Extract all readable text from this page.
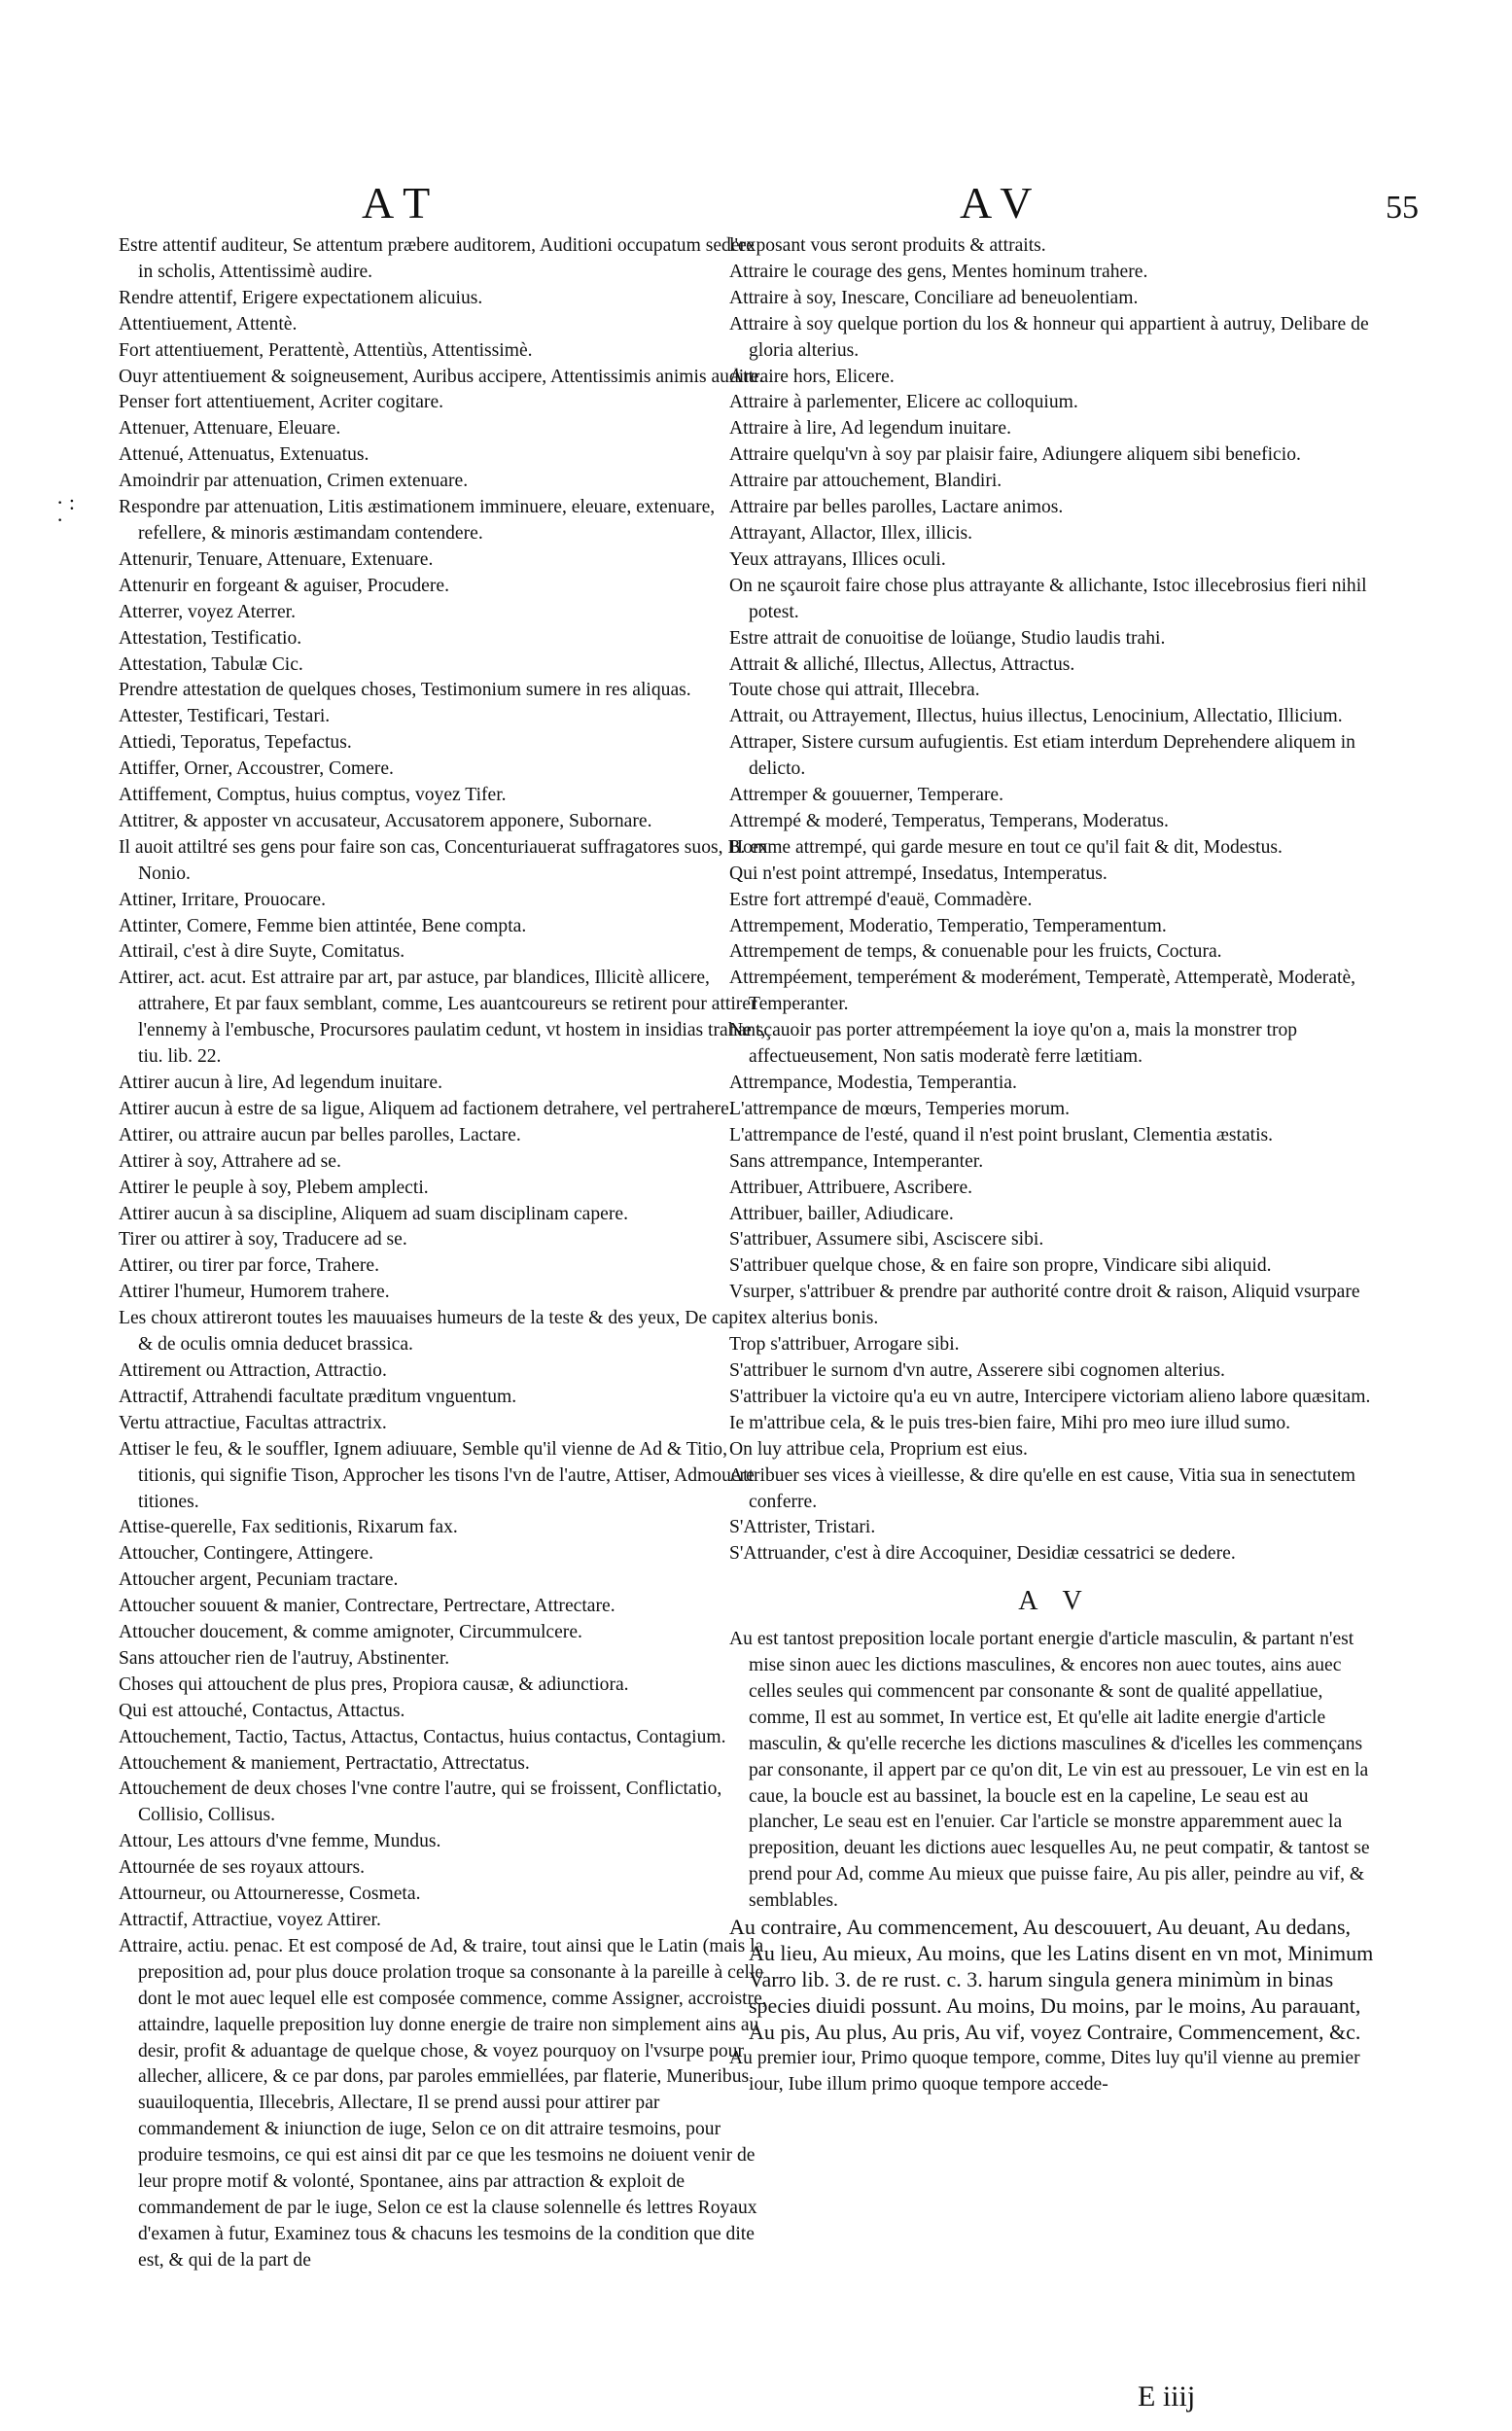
AT	AV	55
· :
·

Estre attentif auditeur, Se attentum præbere auditorem, Auditioni occupatum sedere in scholis, Attentissimè audire.

Rendre attentif, Erigere expectationem alicuius.

Attentiuement, Attentè.

Fort attentiuement, Perattentè, Attentiùs, Attentissimè.

Ouyr attentiuement & soigneusement, Auribus accipere, Attentissimis animis audire.

Penser fort attentiuement, Acriter cogitare.

Attenuer, Attenuare, Eleuare.

Attenué, Attenuatus, Extenuatus.

Amoindrir par attenuation, Crimen extenuare.

Respondre par attenuation, Litis æstimationem imminuere, eleuare, extenuare, refellere, & minoris æstimandam contendere.

Attenurir, Tenuare, Attenuare, Extenuare.

Attenurir en forgeant & aguiser, Procudere.

Atterrer, voyez Aterrer.

Attestation, Testificatio.

Attestation, Tabulæ Cic.

Prendre attestation de quelques choses, Testimonium sumere in res aliquas.

Attester, Testificari, Testari.

Attiedi, Teporatus, Tepefactus.

Attiffer, Orner, Accoustrer, Comere.

Attiffement, Comptus, huius comptus, voyez Tifer.

Attitrer, & apposter vn accusateur, Accusatorem apponere, Subornare.

Il auoit attiltré ses gens pour faire son cas, Concenturiauerat suffragatores suos, B. ex Nonio.

Attiner, Irritare, Prouocare.

Attinter, Comere, Femme bien attintée, Bene compta.

Attirail, c'est à dire Suyte, Comitatus.

Attirer, act. acut. Est attraire par art, par astuce, par blandices, Illicitè allicere, attrahere, Et par faux semblant, comme, Les auantcoureurs se retirent pour attirer l'ennemy à l'embusche, Procursores paulatim cedunt, vt hostem in insidias trahant, tiu. lib. 22.

Attirer aucun à lire, Ad legendum inuitare.

Attirer aucun à estre de sa ligue, Aliquem ad factionem detrahere, vel pertrahere.

Attirer, ou attraire aucun par belles parolles, Lactare.

Attirer à soy, Attrahere ad se.

Attirer le peuple à soy, Plebem amplecti.

Attirer aucun à sa discipline, Aliquem ad suam disciplinam capere.

Tirer ou attirer à soy, Traducere ad se.

Attirer, ou tirer par force, Trahere.

Attirer l'humeur, Humorem trahere.

Les choux attireront toutes les mauuaises humeurs de la teste & des yeux, De capite & de oculis omnia deducet brassica.

Attirement ou Attraction, Attractio.

Attractif, Attrahendi facultate præditum vnguentum.

Vertu attractiue, Facultas attractrix.

Attiser le feu, & le souffler, Ignem adiuuare, Semble qu'il vienne de Ad & Titio, titionis, qui signifie Tison, Approcher les tisons l'vn de l'autre, Attiser, Admouere titiones.

Attise-querelle, Fax seditionis, Rixarum fax.

Attoucher, Contingere, Attingere.

Attoucher argent, Pecuniam tractare.

Attoucher souuent & manier, Contrectare, Pertrectare, Attrectare.

Attoucher doucement, & comme amignoter, Circummulcere.

Sans attoucher rien de l'autruy, Abstinenter.

Choses qui attouchent de plus pres, Propiora causæ, & adiunctiora.

Qui est attouché, Contactus, Attactus.

Attouchement, Tactio, Tactus, Attactus, Contactus, huius contactus, Contagium.

Attouchement & maniement, Pertractatio, Attrectatus.

Attouchement de deux choses l'vne contre l'autre, qui se froissent, Conflictatio, Collisio, Collisus.

Attour, Les attours d'vne femme, Mundus.

Attournée de ses royaux attours.

Attourneur, ou Attourneresse, Cosmeta.

Attractif, Attractiue, voyez Attirer.

Attraire, actiu. penac. Et est composé de Ad, & traire, tout ainsi que le Latin (mais la preposition ad, pour plus douce prolation troque sa consonante à la pareille à celle dont le mot auec lequel elle est composée commence, comme Assigner, accroistre, attaindre, laquelle preposition luy donne energie de traire non simplement ains au desir, profit & aduantage de quelque chose, & voyez pourquoy on l'vsurpe pour allecher, allicere, & ce par dons, par paroles emmiellées, par flaterie, Muneribus suauiloquentia, Illecebris, Allectare, Il se prend aussi pour attirer par commandement & iniunction de iuge, Selon ce on dit attraire tesmoins, pour produire tesmoins, ce qui est ainsi dit par ce que les tesmoins ne doiuent venir de leur propre motif & volonté, Spontanee, ains par attraction & exploit de commandement de par le iuge, Selon ce est la clause solennelle és lettres Royaux d'examen à futur, Examinez tous & chacuns les tesmoins de la condition que dite est, & qui de la part de

l'exposant vous seront produits & attraits.

Attraire le courage des gens, Mentes hominum trahere.

Attraire à soy, Inescare, Conciliare ad beneuolentiam.

Attraire à soy quelque portion du los & honneur qui appartient à autruy, Delibare de gloria alterius.

Attraire hors, Elicere.

Attraire à parlementer, Elicere ac colloquium.

Attraire à lire, Ad legendum inuitare.

Attraire quelqu'vn à soy par plaisir faire, Adiungere aliquem sibi beneficio.

Attraire par attouchement, Blandiri.

Attraire par belles parolles, Lactare animos.

Attrayant, Allactor, Illex, illicis.

Yeux attrayans, Illices oculi.

On ne sçauroit faire chose plus attrayante & allichante, Istoc illecebrosius fieri nihil potest.

Estre attrait de conuoitise de loüange, Studio laudis trahi.

Attrait & alliché, Illectus, Allectus, Attractus.

Toute chose qui attrait, Illecebra.

Attrait, ou Attrayement, Illectus, huius illectus, Lenocinium, Allectatio, Illicium.

Attraper, Sistere cursum aufugientis. Est etiam interdum Deprehendere aliquem in delicto.

Attremper & gouuerner, Temperare.

Attrempé & moderé, Temperatus, Temperans, Moderatus.

Homme attrempé, qui garde mesure en tout ce qu'il fait & dit, Modestus.

Qui n'est point attrempé, Insedatus, Intemperatus.

Estre fort attrempé d'eauë, Commadère.

Attrempement, Moderatio, Temperatio, Temperamentum.

Attrempement de temps, & conuenable pour les fruicts, Coctura.

Attrempéement, temperément & moderément, Temperatè, Attemperatè, Moderatè, Temperanter.

Ne sçauoir pas porter attrempéement la ioye qu'on a, mais la monstrer trop affectueusement, Non satis moderatè ferre lætitiam.

Attrempance, Modestia, Temperantia.

L'attrempance de mœurs, Temperies morum.

L'attrempance de l'esté, quand il n'est point bruslant, Clementia æstatis.

Sans attrempance, Intemperanter.

Attribuer, Attribuere, Ascribere.

Attribuer, bailler, Adiudicare.

S'attribuer, Assumere sibi, Asciscere sibi.

S'attribuer quelque chose, & en faire son propre, Vindicare sibi aliquid.

Vsurper, s'attribuer & prendre par authorité contre droit & raison, Aliquid vsurpare ex alterius bonis.

Trop s'attribuer, Arrogare sibi.

S'attribuer le surnom d'vn autre, Asserere sibi cognomen alterius.

S'attribuer la victoire qu'a eu vn autre, Intercipere victoriam alieno labore quæsitam.

Ie m'attribue cela, & le puis tres-bien faire, Mihi pro meo iure illud sumo.

On luy attribue cela, Proprium est eius.

Attribuer ses vices à vieillesse, & dire qu'elle en est cause, Vitia sua in senectutem conferre.

S'Attrister, Tristari.

S'Attruander, c'est à dire Accoquiner, Desidiæ cessatrici se dedere.

A V

Au est tantost preposition locale portant energie d'article masculin, & partant n'est mise sinon auec les dictions masculines, & encores non auec toutes, ains auec celles seules qui commencent par consonante & sont de qualité appellatiue, comme, Il est au sommet, In vertice est, Et qu'elle ait ladite energie d'article masculin, & qu'elle recerche les dictions masculines & d'icelles les commençans par consonante, il appert par ce qu'on dit, Le vin est au pressouer, Le vin est en la caue, la boucle est au bassinet, la boucle est en la capeline, Le seau est au plancher, Le seau est en l'enuier. Car l'article se monstre apparemment auec la preposition, deuant les dictions auec lesquelles Au, ne peut compatir, & tantost se prend pour Ad, comme Au mieux que puisse faire, Au pis aller, peindre au vif, & semblables.

Au contraire, Au commencement, Au descouuert, Au deuant, Au dedans, Au lieu, Au mieux, Au moins, que les Latins disent en vn mot, Minimum Varro lib. 3. de re rust. c. 3. harum singula genera minimùm in binas species diuidi possunt. Au moins, Du moins, par le moins, Au parauant, Au pis, Au plus, Au pris, Au vif, voyez Contraire, Commencement, &c.

Au premier iour, Primo quoque tempore, comme, Dites luy qu'il vienne au premier iour, Iube illum primo quoque tempore accede-

E iiij
